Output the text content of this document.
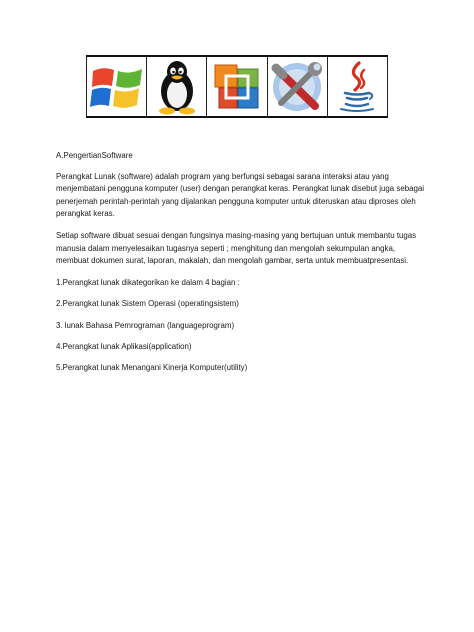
A.PengertianSoftware

Perangkat Lunak (software) adalah program yang berfungsi sebagai sarana interaksi atau yang menjembatani pengguna komputer (user) dengan perangkat keras. Perangkat lunak disebut juga sebagai penerjemah perintah-perintah yang dijalankan pengguna komputer untuk diteruskan atau diproses oleh perangkat keras.

Setiap software dibuat sesuai dengan fungsinya masing-masing yang bertujuan untuk membantu tugas manusia dalam menyelesaikan tugasnya seperti ; menghitung dan mengolah sekumpulan angka, membuat dokumen surat, laporan, makalah, dan mengolah gambar, serta untuk membuatpresentasi.

1.Perangkat lunak dikategorikan ke dalam 4 bagian :

2.Perangkat lunak Sistem Operasi (operatingsistem)

3. lunak Bahasa Pemrograman (languageprogram)

4.Perangkat lunak Aplikasi(application)

5.Perangkat lunak Menangani Kinerja Komputer(utility)
